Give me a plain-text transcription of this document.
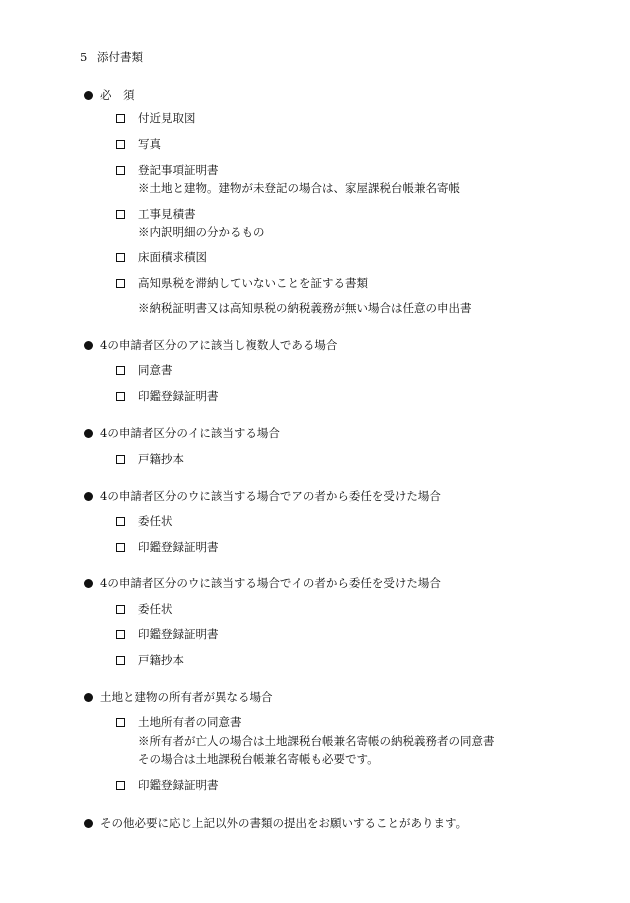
5 添付書類
必　須
付近見取図
写真
登記事項証明書
※土地と建物。建物が未登記の場合は、家屋課税台帳兼名寄帳
工事見積書
※内訳明細の分かるもの
床面積求積図
高知県税を滞納していないことを証する書類
※納税証明書又は高知県税の納税義務が無い場合は任意の申出書
4の申請者区分のアに該当し複数人である場合
同意書
印鑑登録証明書
4の申請者区分のイに該当する場合
戸籍抄本
4の申請者区分のウに該当する場合でアの者から委任を受けた場合
委任状
印鑑登録証明書
4の申請者区分のウに該当する場合でイの者から委任を受けた場合
委任状
印鑑登録証明書
戸籍抄本
土地と建物の所有者が異なる場合
土地所有者の同意書
※所有者が亡人の場合は土地課税台帳兼名寄帳の納税義務者の同意書
その場合は土地課税台帳兼名寄帳も必要です。
印鑑登録証明書
その他必要に応じ上記以外の書類の提出をお願いすることがあります。
